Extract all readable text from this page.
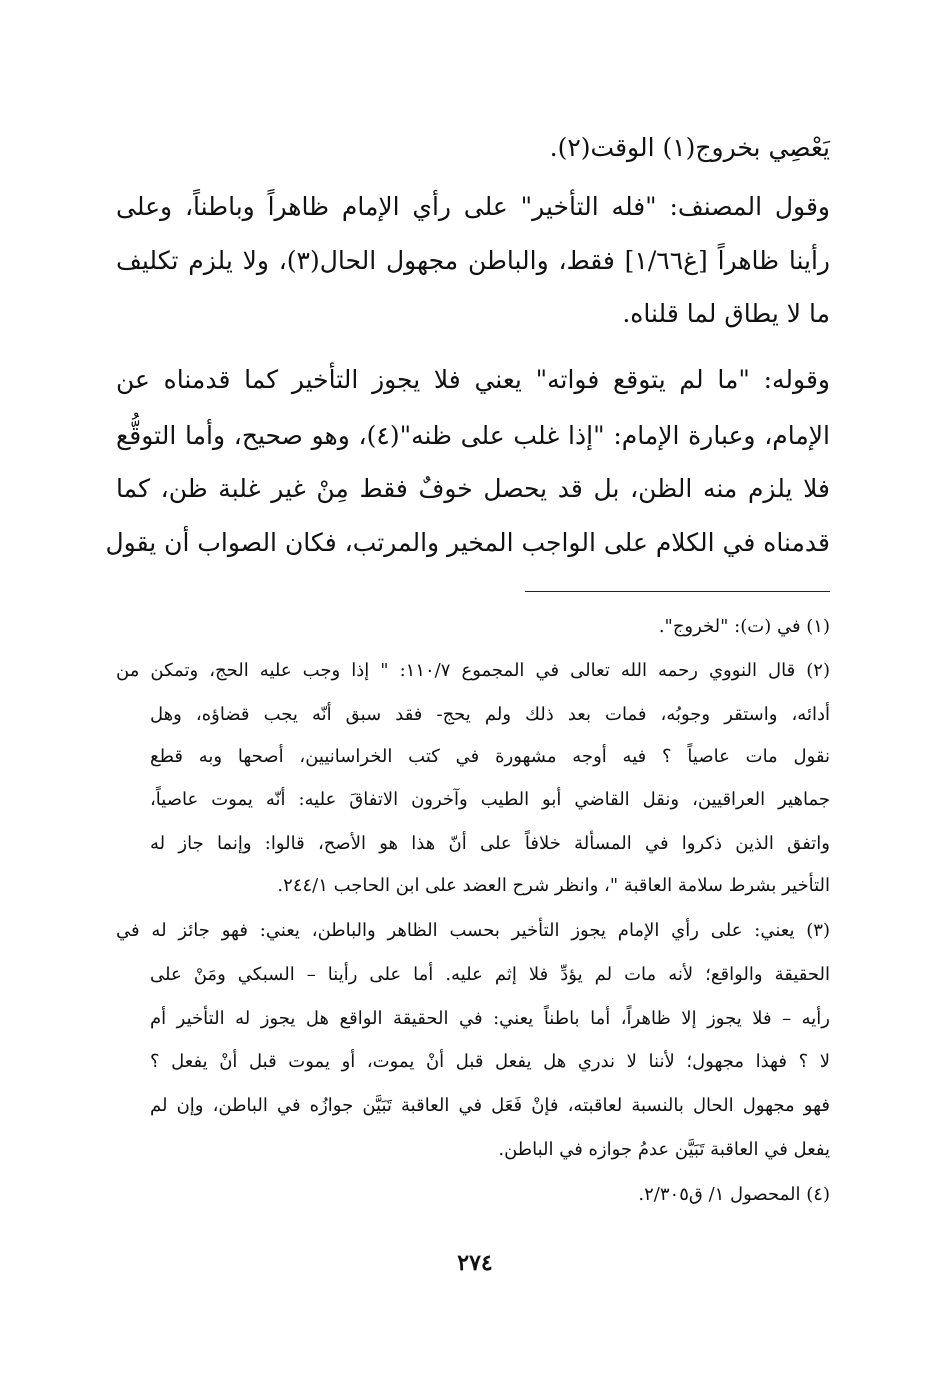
يَعْصِي بخروج(١) الوقت(٢).
وقول المصنف: "فله التأخير" على رأي الإمام ظاهراً وباطناً، وعلى
رأينا ظاهراً [غ١/٦٦] فقط، والباطن مجهول الحال(٣)، ولا يلزم تكليف
ما لا يطاق لما قلناه.
وقوله: "ما لم يتوقع فواته" يعني فلا يجوز التأخير كما قدمناه عن
الإمام، وعبارة الإمام: "إذا غلب على ظنه"(٤)، وهو صحيح، وأما التوقُّع
فلا يلزم منه الظن، بل قد يحصل خوفٌ فقط مِنْ غير غلبة ظن، كما
قدمناه في الكلام على الواجب المخير والمرتب، فكان الصواب أن يقول
(١) في (ت): "لخروج".
(٢) قال النووي رحمه الله تعالى في المجموع ١١٠/٧: " إذا وجب عليه الحج، وتمكن من
أدائه، واستقر وجوبُه، فمات بعد ذلك ولم يحج- فقد سبق أنّه يجب قضاؤه، وهل
نقول مات عاصياً ؟ فيه أوجه مشهورة في كتب الخراسانيين، أصحها وبه قطع
جماهير العراقيين، ونقل القاضي أبو الطيب وآخرون الاتفاقَ عليه: أنّه يموت عاصياً،
واتفق الذين ذكروا في المسألة خلافاً على أنّ هذا هو الأصح، قالوا: وإنما جاز له
التأخير بشرط سلامة العاقبة "، وانظر شرح العضد على ابن الحاجب ٢٤٤/١.
(٣) يعني: على رأي الإمام يجوز التأخير بحسب الظاهر والباطن، يعني: فهو جائز له في
الحقيقة والواقع؛ لأنه مات لم يؤدِّ فلا إثم عليه. أما على رأينا – السبكي ومَنْ على
رأيه – فلا يجوز إلا ظاهراً، أما باطناً يعني: في الحقيقة الواقع هل يجوز له التأخير أم
لا ؟ فهذا مجهول؛ لأننا لا ندري هل يفعل قبل أنْ يموت، أو يموت قبل أنْ يفعل ؟
فهو مجهول الحال بالنسبة لعاقبته، فإنْ فَعَل في العاقبة تَبَيَّن جوازُه في الباطن، وإن لم
يفعل في العاقبة تَبَيَّن عدمُ جوازه في الباطن.
(٤) المحصول ١/ ق٢/٣٠٥.
٢٧٤
